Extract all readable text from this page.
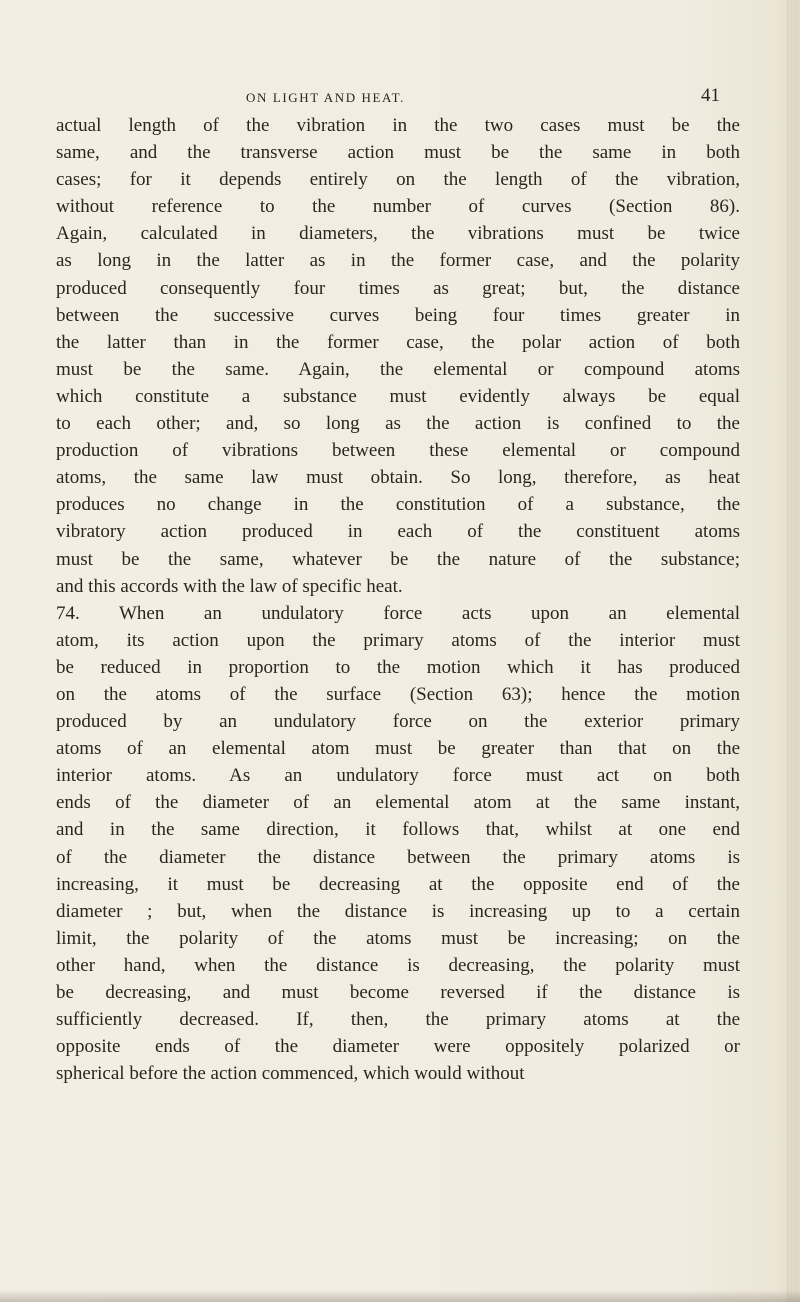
ON LIGHT AND HEAT.	41
actual length of the vibration in the two cases must be the
same, and the transverse action must be the same in both
cases; for it depends entirely on the length of the vibration,
without reference to the number of curves (Section 86).
Again, calculated in diameters, the vibrations must be twice
as long in the latter as in the former case, and the polarity
produced consequently four times as great; but, the distance
between the successive curves being four times greater in
the latter than in the former case, the polar action of both
must be the same. Again, the elemental or compound atoms
which constitute a substance must evidently always be equal
to each other; and, so long as the action is confined to the
production of vibrations between these elemental or compound
atoms, the same law must obtain. So long, therefore, as heat
produces no change in the constitution of a substance, the
vibratory action produced in each of the constituent atoms
must be the same, whatever be the nature of the substance;
and this accords with the law of specific heat.
74. When an undulatory force acts upon an elemental
atom, its action upon the primary atoms of the interior must
be reduced in proportion to the motion which it has produced
on the atoms of the surface (Section 63); hence the motion
produced by an undulatory force on the exterior primary
atoms of an elemental atom must be greater than that on the
interior atoms. As an undulatory force must act on both
ends of the diameter of an elemental atom at the same instant,
and in the same direction, it follows that, whilst at one end
of the diameter the distance between the primary atoms is
increasing, it must be decreasing at the opposite end of the
diameter ; but, when the distance is increasing up to a certain
limit, the polarity of the atoms must be increasing; on the
other hand, when the distance is decreasing, the polarity must
be decreasing, and must become reversed if the distance is
sufficiently decreased. If, then, the primary atoms at the
opposite ends of the diameter were oppositely polarized or
spherical before the action commenced, which would without
